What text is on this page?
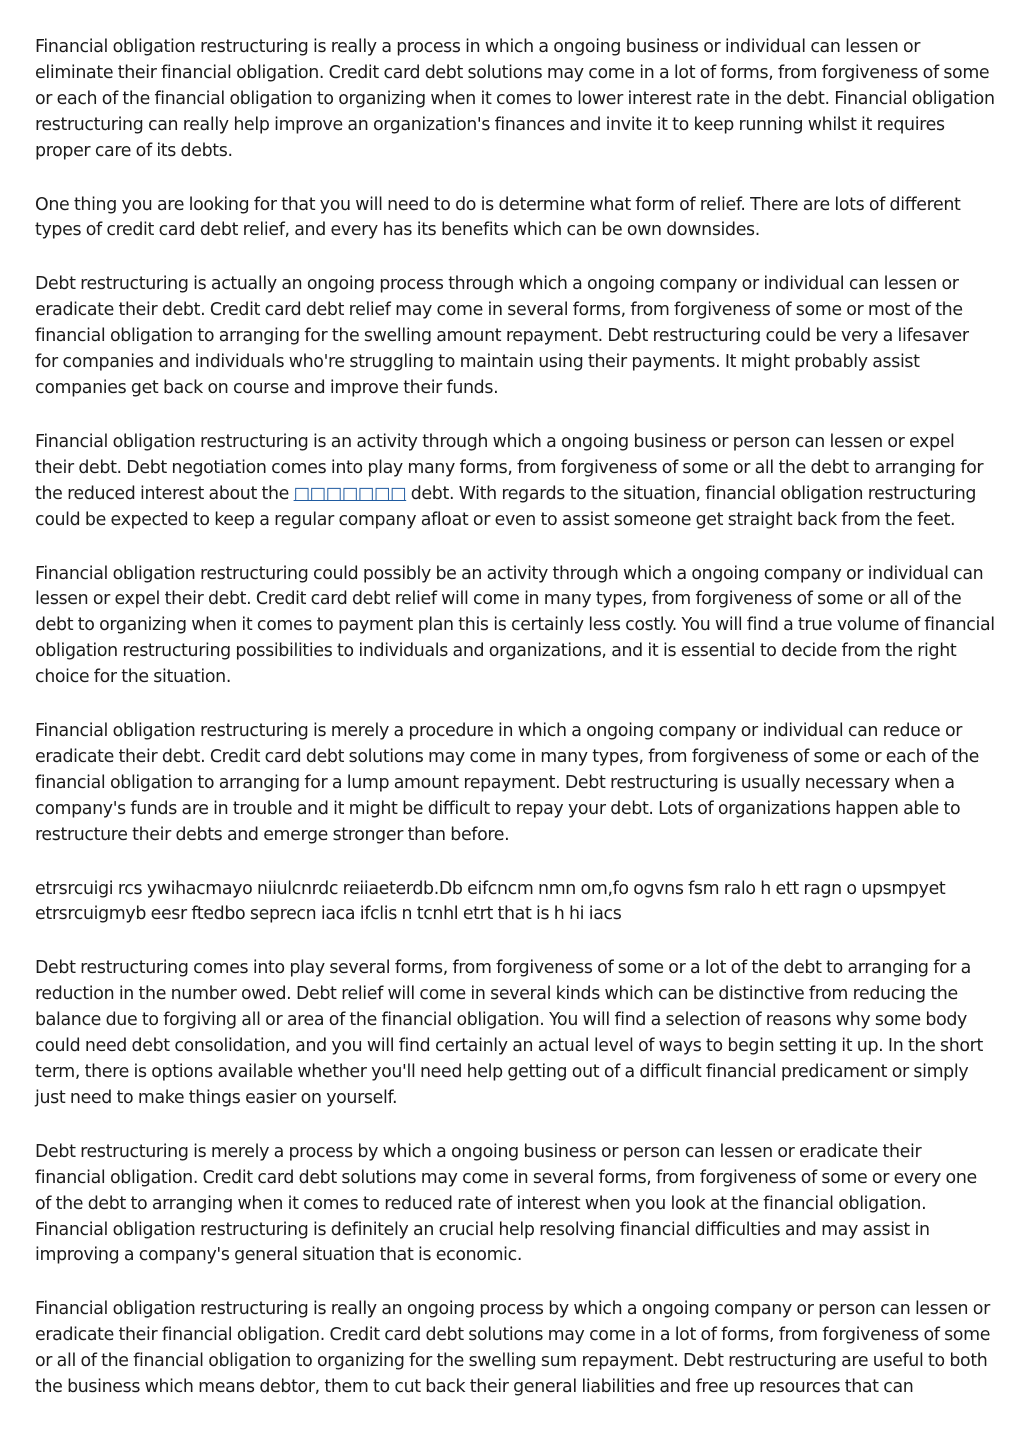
Financial obligation restructuring is really a process in which a ongoing business or individual can lessen or eliminate their financial obligation. Credit card debt solutions may come in a lot of forms, from forgiveness of some or each of the financial obligation to organizing when it comes to lower interest rate in the debt. Financial obligation restructuring can really help improve an organization's finances and invite it to keep running whilst it requires proper care of its debts.

One thing you are looking for that you will need to do is determine what form of relief. There are lots of different types of credit card debt relief, and every has its benefits which can be own downsides.

Debt restructuring is actually an ongoing process through which a ongoing company or individual can lessen or eradicate their debt. Credit card debt relief may come in several forms, from forgiveness of some or most of the financial obligation to arranging for the swelling amount repayment. Debt restructuring could be very a lifesaver for companies and individuals who're struggling to maintain using their payments. It might probably assist companies get back on course and improve their funds.

Financial obligation restructuring is an activity through which a ongoing business or person can lessen or expel their debt. Debt negotiation comes into play many forms, from forgiveness of some or all the debt to arranging for the reduced interest about the □□□□□□□ debt. With regards to the situation, financial obligation restructuring could be expected to keep a regular company afloat or even to assist someone get straight back from the feet.

Financial obligation restructuring could possibly be an activity through which a ongoing company or individual can lessen or expel their debt. Credit card debt relief will come in many types, from forgiveness of some or all of the debt to organizing when it comes to payment plan this is certainly less costly. You will find a true volume of financial obligation restructuring possibilities to individuals and organizations, and it is essential to decide from the right choice for the situation.

Financial obligation restructuring is merely a procedure in which a ongoing company or individual can reduce or eradicate their debt. Credit card debt solutions may come in many types, from forgiveness of some or each of the financial obligation to arranging for a lump amount repayment. Debt restructuring is usually necessary when a company's funds are in trouble and it might be difficult to repay your debt. Lots of organizations happen able to restructure their debts and emerge stronger than before.

etrsrcuigi rcs ywihacmayo niiulcnrdc reiiaeterdb.Db eifcncm nmn om,fo ogvns fsm ralo h ett ragn o upsmpyet etrsrcuigmyb eesr ftedbo seprecn iaca ifclis n tcnhl etrt that is h hi iacs

Debt restructuring comes into play several forms, from forgiveness of some or a lot of the debt to arranging for a reduction in the number owed. Debt relief will come in several kinds which can be distinctive from reducing the balance due to forgiving all or area of the financial obligation. You will find a selection of reasons why some body could need debt consolidation, and you will find certainly an actual level of ways to begin setting it up. In the short term, there is options available whether you'll need help getting out of a difficult financial predicament or simply just need to make things easier on yourself.

Debt restructuring is merely a process by which a ongoing business or person can lessen or eradicate their financial obligation. Credit card debt solutions may come in several forms, from forgiveness of some or every one of the debt to arranging when it comes to reduced rate of interest when you look at the financial obligation. Financial obligation restructuring is definitely an crucial help resolving financial difficulties and may assist in improving a company's general situation that is economic.

Financial obligation restructuring is really an ongoing process by which a ongoing company or person can lessen or eradicate their financial obligation. Credit card debt solutions may come in a lot of forms, from forgiveness of some or all of the financial obligation to organizing for the swelling sum repayment. Debt restructuring are useful to both the business which means debtor, them to cut back their general liabilities and free up resources that can
